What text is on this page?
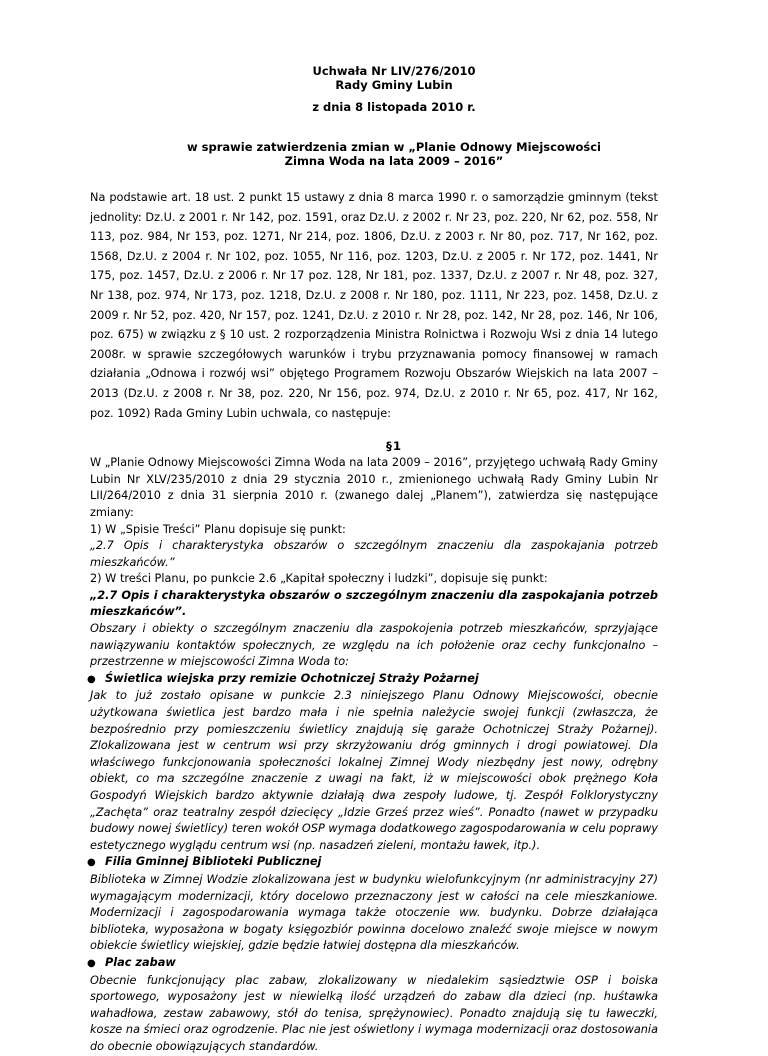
Uchwała Nr LIV/276/2010
Rady Gminy Lubin
z dnia 8 listopada 2010 r.
w sprawie zatwierdzenia zmian w „Planie Odnowy Miejscowości
Zimna Woda na lata 2009 – 2016”

Na podstawie art. 18 ust. 2 punkt 15 ustawy z dnia 8 marca 1990 r. o samorządzie gminnym (tekst jednolity: Dz.U. z 2001 r. Nr 142, poz. 1591, oraz Dz.U. z 2002 r. Nr 23, poz. 220, Nr 62, poz. 558, Nr 113, poz. 984, Nr 153, poz. 1271, Nr 214, poz. 1806, Dz.U. z 2003 r. Nr 80, poz. 717, Nr 162, poz. 1568, Dz.U. z 2004 r. Nr 102, poz. 1055, Nr 116, poz. 1203, Dz.U. z 2005 r. Nr 172, poz. 1441, Nr 175, poz. 1457, Dz.U. z 2006 r. Nr 17 poz. 128, Nr 181, poz. 1337, Dz.U. z 2007 r. Nr 48, poz. 327, Nr 138, poz. 974, Nr 173, poz. 1218, Dz.U. z 2008 r. Nr 180, poz. 1111, Nr 223, poz. 1458, Dz.U. z 2009 r. Nr 52, poz. 420, Nr 157, poz. 1241, Dz.U. z 2010 r. Nr 28, poz. 142, Nr 28, poz. 146, Nr 106, poz. 675) w związku z § 10 ust. 2 rozporządzenia Ministra Rolnictwa i Rozwoju Wsi z dnia 14 lutego 2008r. w sprawie szczegółowych warunków i trybu przyznawania pomocy finansowej w ramach działania „Odnowa i rozwój wsi” objętego Programem Rozwoju Obszarów Wiejskich na lata 2007 – 2013 (Dz.U. z 2008 r. Nr 38, poz. 220, Nr 156, poz. 974, Dz.U. z 2010 r. Nr 65, poz. 417, Nr 162, poz. 1092) Rada Gminy Lubin uchwala, co następuje:

§1

W „Planie Odnowy Miejscowości Zimna Woda na lata 2009 – 2016”, przyjętego uchwałą Rady Gminy Lubin Nr XLV/235/2010 z dnia 29 stycznia 2010 r., zmienionego uchwałą Rady Gminy Lubin Nr LII/264/2010 z dnia 31 sierpnia 2010 r. (zwanego dalej „Planem”), zatwierdza się następujące zmiany:

1) W „Spisie Treści” Planu dopisuje się punkt:

„2.7 Opis i charakterystyka obszarów o szczególnym znaczeniu dla zaspokajania potrzeb mieszkańców.”

2) W treści Planu, po punkcie 2.6 „Kapitał społeczny i ludzki”, dopisuje się punkt:

„2.7 Opis i charakterystyka obszarów o szczególnym znaczeniu dla zaspokajania potrzeb mieszkańców”.

Obszary i obiekty o szczególnym znaczeniu dla zaspokojenia potrzeb mieszkańców, sprzyjające nawiązywaniu kontaktów społecznych, ze względu na ich położenie oraz cechy funkcjonalno – przestrzenne w miejscowości Zimna Woda to:

● Świetlica wiejska przy remizie Ochotniczej Straży Pożarnej

Jak to już zostało opisane w punkcie 2.3 niniejszego Planu Odnowy Miejscowości, obecnie użytkowana świetlica jest bardzo mała i nie spełnia należycie swojej funkcji (zwłaszcza, że bezpośrednio przy pomieszczeniu świetlicy znajdują się garaże Ochotniczej Straży Pożarnej). Zlokalizowana jest w centrum wsi przy skrzyżowaniu dróg gminnych i drogi powiatowej. Dla właściwego funkcjonowania społeczności lokalnej Zimnej Wody niezbędny jest nowy, odrębny obiekt, co ma szczególne znaczenie z uwagi na fakt, iż w miejscowości obok prężnego Koła Gospodyń Wiejskich bardzo aktywnie działają dwa zespoły ludowe, tj. Zespół Folklorystyczny „Zachęta” oraz teatralny zespół dziecięcy „Idzie Grześ przez wieś”. Ponadto (nawet w przypadku budowy nowej świetlicy) teren wokół OSP wymaga dodatkowego zagospodarowania w celu poprawy estetycznego wyglądu centrum wsi (np. nasadzeń zieleni, montażu ławek, itp.).

● Filia Gminnej Biblioteki Publicznej

Biblioteka w Zimnej Wodzie zlokalizowana jest w budynku wielofunkcyjnym (nr administracyjny 27) wymagającym modernizacji, który docelowo przeznaczony jest w całości na cele mieszkaniowe. Modernizacji i zagospodarowania wymaga także otoczenie ww. budynku. Dobrze działająca biblioteka, wyposażona w bogaty księgozbiór powinna docelowo znaleźć swoje miejsce w nowym obiekcie świetlicy wiejskiej, gdzie będzie łatwiej dostępna dla mieszkańców.

● Plac zabaw

Obecnie funkcjonujący plac zabaw, zlokalizowany w niedalekim sąsiedztwie OSP i boiska sportowego, wyposażony jest w niewielką ilość urządzeń do zabaw dla dzieci (np. huśtawka wahadłowa, zestaw zabawowy, stół do tenisa, sprężynowiec). Ponadto znajdują się tu ławeczki, kosze na śmieci oraz ogrodzenie. Plac nie jest oświetlony i wymaga modernizacji oraz dostosowania do obecnie obowiązujących standardów.
